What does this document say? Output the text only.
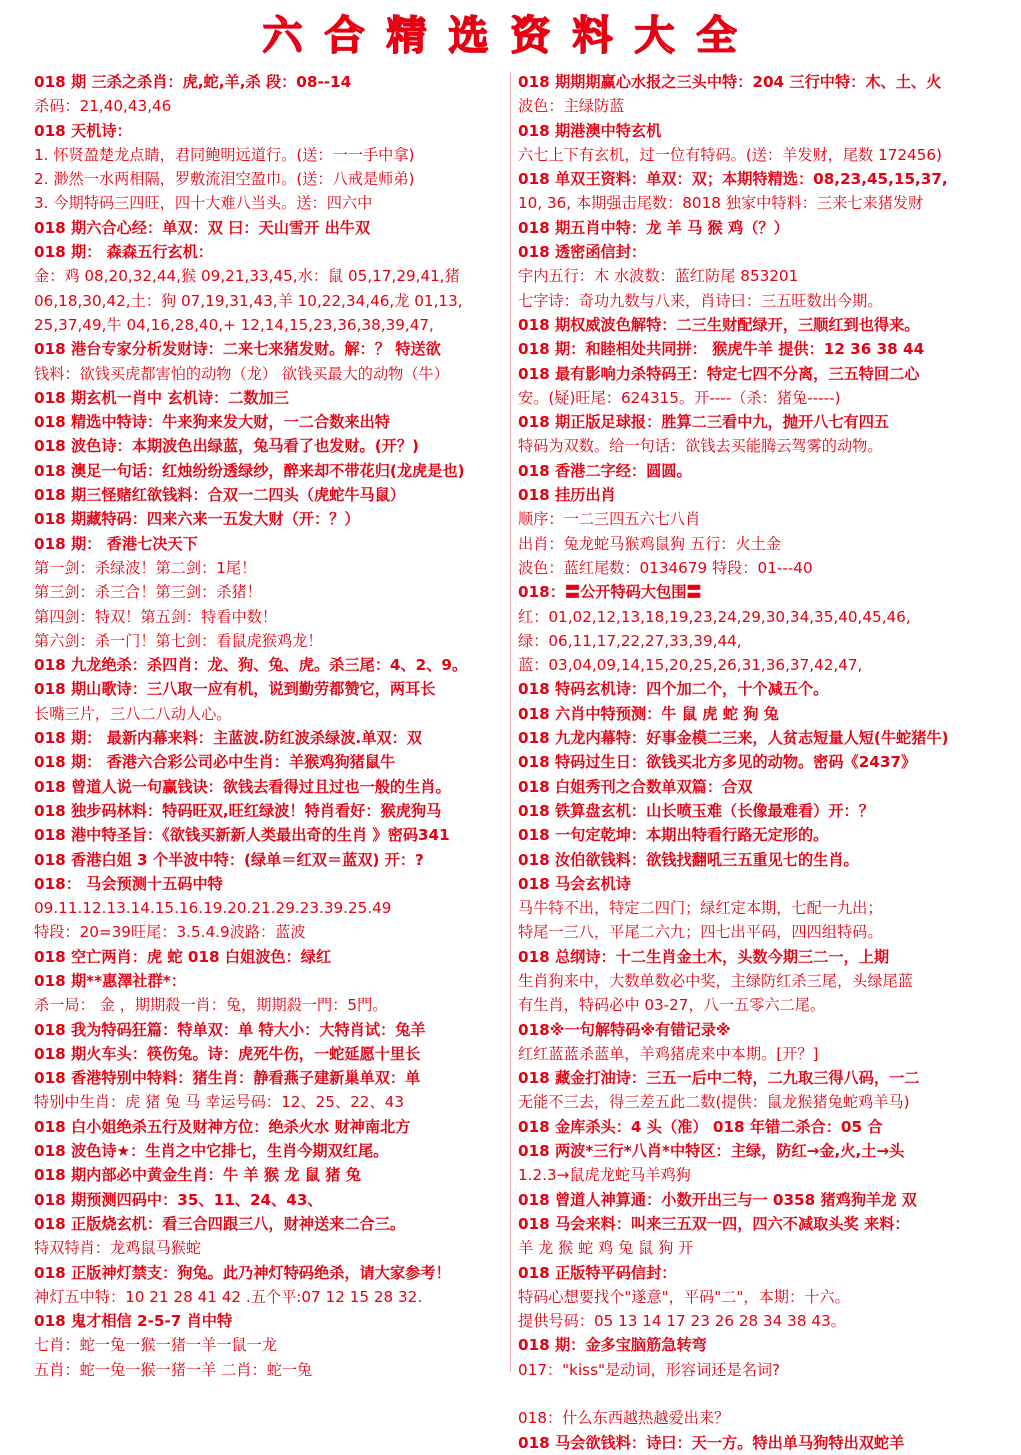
六合精选资料大全
018 期 三杀之杀肖：虎,蛇,羊,杀 段：08--14
杀码：21,40,43,46
018 天机诗：
1. 怀贤盈楚龙点睛，君同鲍明远道行。(送：一一手中拿)
2. 渺然一水两相隔，罗敷流泪空盈巾。(送：八戒是师弟)
3. 今期特码三四旺，四十大难八当头。送：四六中
018 期六合心经：单双：双 曰：天山雪开 出牛双
018 期： 森森五行玄机：
金：鸡 08,20,32,44,猴 09,21,33,45,水：鼠 05,17,29,41,猪
06,18,30,42,土：狗 07,19,31,43,羊 10,22,34,46,龙 01,13,
25,37,49,牛 04,16,28,40,+ 12,14,15,23,36,38,39,47,
018 港台专家分析发财诗：二来七来猪发财。解：？ 特送欲
钱料：欲钱买虎都害怕的动物（龙） 欲钱买最大的动物（牛）
018 期玄机一肖中 玄机诗：二数加三
018 精选中特诗：牛来狗来发大财，一二合数来出特
018 波色诗：本期波色出绿蓝，兔马看了也发财。(开？)
018 澳足一句话：红烛纷纷透绿纱，醉来却不带花归(龙虎是也)
018 期三怪赌红欲钱料：合双一二四头（虎蛇牛马鼠）
018 期藏特码：四来六来一五发大财（开：？）
018 期： 香港七决天下
第一剑：杀绿波！第二剑：1尾！
第三剑：杀三合！第三剑：杀猪！
第四剑：特双！第五剑：特看中数！
第六剑：杀一门！第七剑：看鼠虎猴鸡龙！
018 九龙绝杀：杀四肖：龙、狗、兔、虎。杀三尾：4、2、9。
018 期山歌诗：三八取一应有机，说到勤劳都赞它，两耳长
长嘴三片，三八二八动人心。
018 期： 最新内幕来料：主蓝波.防红波杀绿波.单双：双
018 期： 香港六合彩公司必中生肖：羊猴鸡狗猪鼠牛
018 曾道人说一句赢钱诀：欲钱去看得过且过也一般的生肖。
018 独步码林料：特码旺双,旺红绿波！特肖看好：猴虎狗马
018 港中特圣旨：《欲钱买新新人类最出奇的生肖 》密码341
018 香港白姐 3 个半波中特：(绿单＝红双＝蓝双) 开：?
018： 马会预测十五码中特
09.11.12.13.14.15.16.19.20.21.29.23.39.25.49
特段：20=39旺尾：3.5.4.9波路：蓝波
018 空亡两肖：虎 蛇 018 白姐波色：绿红
018 期**惠澤社群*：
杀一局： 金 ，期期殺一肖：兔，期期殺一門：5門。
018 我为特码狂篇：特单双：单 特大小：大特肖试：兔羊
018 期火车头：筷伤兔。诗：虎死牛伤，一蛇延愿十里长
018 香港特别中特料：猪生肖：静看燕子建新巢单双：单
特别中生肖：虎 猪 兔 马 幸运号码：12、25、22、43
018 白小姐绝杀五行及财神方位：绝杀火水 财神南北方
018 波色诗★：生肖之中它排七，生肖今期双红尾。
018 期内部必中黄金生肖：牛 羊 猴 龙 鼠 猪 兔
018 期预测四码中：35、11、24、43、
018 正版烧玄机：看三合四跟三八，财神送来二合三。
特双特肖：龙鸡鼠马猴蛇
018 正版神灯禁支：狗兔。此乃神灯特码绝杀，请大家参考！
神灯五中特：10 21 28 41 42 .五个平:07 12 15 28 32.
018 鬼才相信 2-5-7 肖中特
七肖：蛇一兔一猴一猪一羊一鼠一龙
五肖：蛇一兔一猴一猪一羊 二肖：蛇一兔
018 期期期赢心水报之三头中特：204 三行中特：木、土、火
波色：主绿防蓝
018 期港澳中特玄机
六七上下有玄机，过一位有特码。(送：羊发财，尾数 172456)
018 单双王资料：单双：双；本期特精选：08,23,45,15,37,
10, 36, 本期强击尾数：8018 独家中特料：三来七来猪发财
018 期五肖中特：龙 羊 马 猴 鸡（？）
018 透密函信封：
宇内五行：木 水波数：蓝红防尾 853201
七字诗：奇功九数与八来，肖诗曰：三五旺数出今期。
018 期权威波色解特：二三生财配绿开，三顺红到也得来。
018 期：和睦相处共同拼： 猴虎牛羊 提供：12 36 38 44
018 最有影响力杀特码王：特定七四不分离，三五特回二心
安。(疑)旺尾：624315。开----（杀：猪兔-----)
018 期正版足球报：胜算二三看中九，抛开八七有四五
特码为双数。给一句话：欲钱去买能腾云驾雾的动物。
018 香港二字经：圆圆。
018 挂历出肖
顺序：一二三四五六七八肖
出肖：兔龙蛇马猴鸡鼠狗 五行：火土金
波色：蓝红尾数：0134679 特段：01---40
018：〓公开特码大包围〓
红：01,02,12,13,18,19,23,24,29,30,34,35,40,45,46,
绿：06,11,17,22,27,33,39,44,
蓝：03,04,09,14,15,20,25,26,31,36,37,42,47,
018 特码玄机诗：四个加二个，十个减五个。
018 六肖中特预测：牛 鼠 虎 蛇 狗 兔
018 九龙内幕特：好事金模二三来，人贫志短量人短(牛蛇猪牛)
018 特码过生日：欲钱买北方多见的动物。密码《2437》
018 白姐秀刊之合数单双篇：合双
018 铁算盘玄机：山长喷玉难（长像最难看）开：？
018 一句定乾坤：本期出特看行路无定形的。
018 汝伯欲钱料：欲钱找翻吼三五重见七的生肖。
018 马会玄机诗
马牛特不出，特定二四门；绿红定本期，七配一九出；
特尾一三八，平尾二六九；四七出平码，四四组特码。
018 总纲诗：十二生肖金土木，头数今期三二一，上期
生肖狗来中，大数单数必中奖，主绿防红杀三尾，头绿尾蓝
有生肖，特码必中 03-27，八一五零六二尾。
018※一句解特码※有错记录※
红红蓝蓝杀蓝单，羊鸡猪虎来中本期。[开？]
018 藏金打油诗：三五一后中二特，二九取三得八码，一二
无能不三去，得三差五此二数(提供：鼠龙猴猪兔蛇鸡羊马)
018 金库杀头：4 头（准） 018 年错二杀合：05 合
018 两波*三行*八肖*中特区：主绿，防红→金,火,土→头
1.2.3→鼠虎龙蛇马羊鸡狗
018 曾道人神算通：小数开出三与一 0358 猪鸡狗羊龙 双
018 马会来料：叫来三五双一四，四六不减取头奖 来料：
羊 龙 猴 蛇 鸡 兔 鼠 狗 开
018 正版特平码信封：
特码心想要找个"遂意"，平码"二"，本期：十六。
提供号码：05 13 14 17 23 26 28 34 38 43。
018 期：金多宝脑筋急转弯
017："kiss"是动词，形容词还是名词?
018：什么东西越热越爱出来？
018 马会欲钱料：诗曰：天一方。特出单马狗特出双蛇羊
